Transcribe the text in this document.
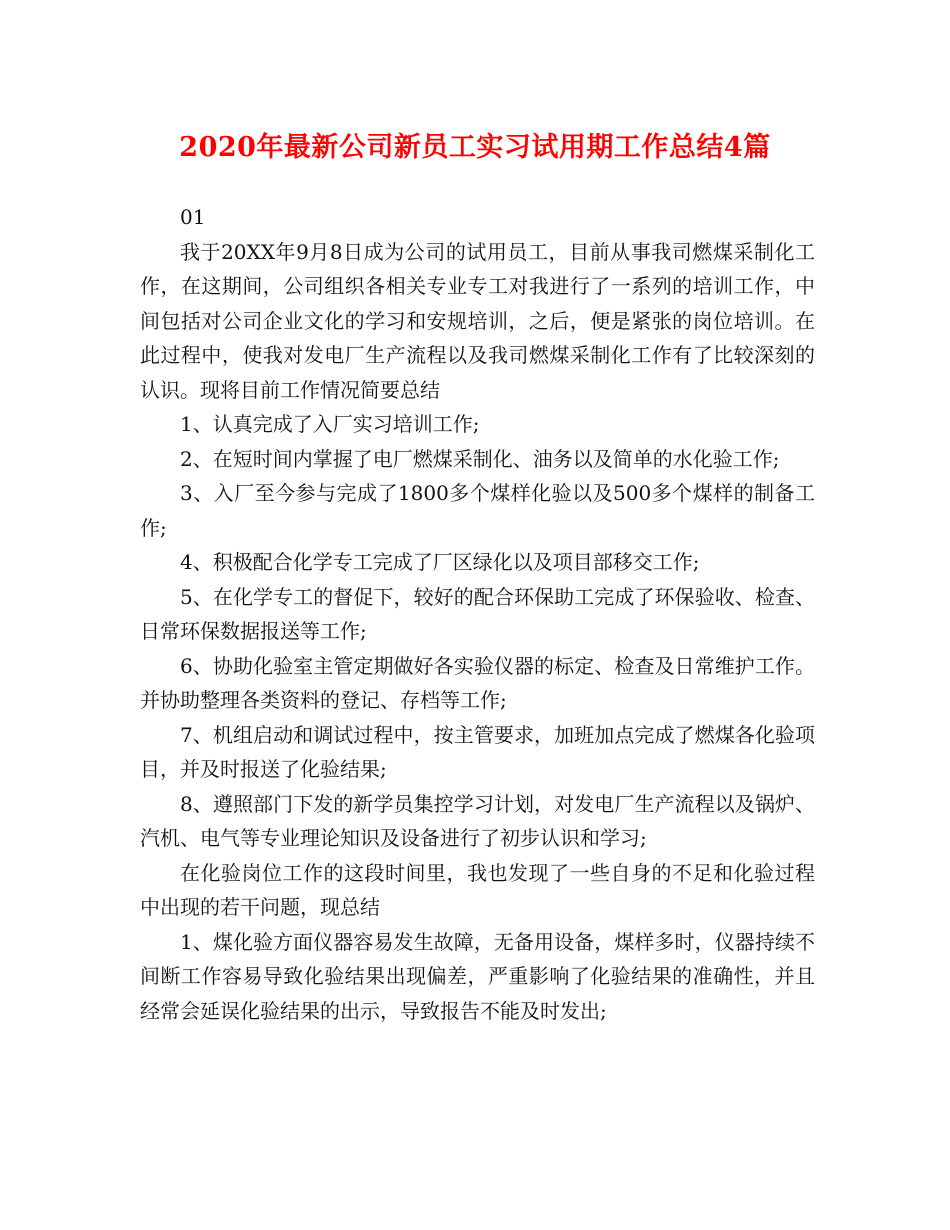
2020年最新公司新员工实习试用期工作总结4篇

01

我于20XX年9月8日成为公司的试用员工，目前从事我司燃煤采制化工作，在这期间，公司组织各相关专业专工对我进行了一系列的培训工作，中间包括对公司企业文化的学习和安规培训，之后，便是紧张的岗位培训。在此过程中，使我对发电厂生产流程以及我司燃煤采制化工作有了比较深刻的认识。现将目前工作情况简要总结

1、认真完成了入厂实习培训工作;

2、在短时间内掌握了电厂燃煤采制化、油务以及简单的水化验工作;

3、入厂至今参与完成了1800多个煤样化验以及500多个煤样的制备工作;

4、积极配合化学专工完成了厂区绿化以及项目部移交工作;

5、在化学专工的督促下，较好的配合环保助工完成了环保验收、检查、日常环保数据报送等工作;

6、协助化验室主管定期做好各实验仪器的标定、检查及日常维护工作。并协助整理各类资料的登记、存档等工作;

7、机组启动和调试过程中，按主管要求，加班加点完成了燃煤各化验项目，并及时报送了化验结果;

8、遵照部门下发的新学员集控学习计划，对发电厂生产流程以及锅炉、汽机、电气等专业理论知识及设备进行了初步认识和学习;

在化验岗位工作的这段时间里，我也发现了一些自身的不足和化验过程中出现的若干问题，现总结

1、煤化验方面仪器容易发生故障，无备用设备，煤样多时，仪器持续不间断工作容易导致化验结果出现偏差，严重影响了化验结果的准确性，并且经常会延误化验结果的出示，导致报告不能及时发出;
